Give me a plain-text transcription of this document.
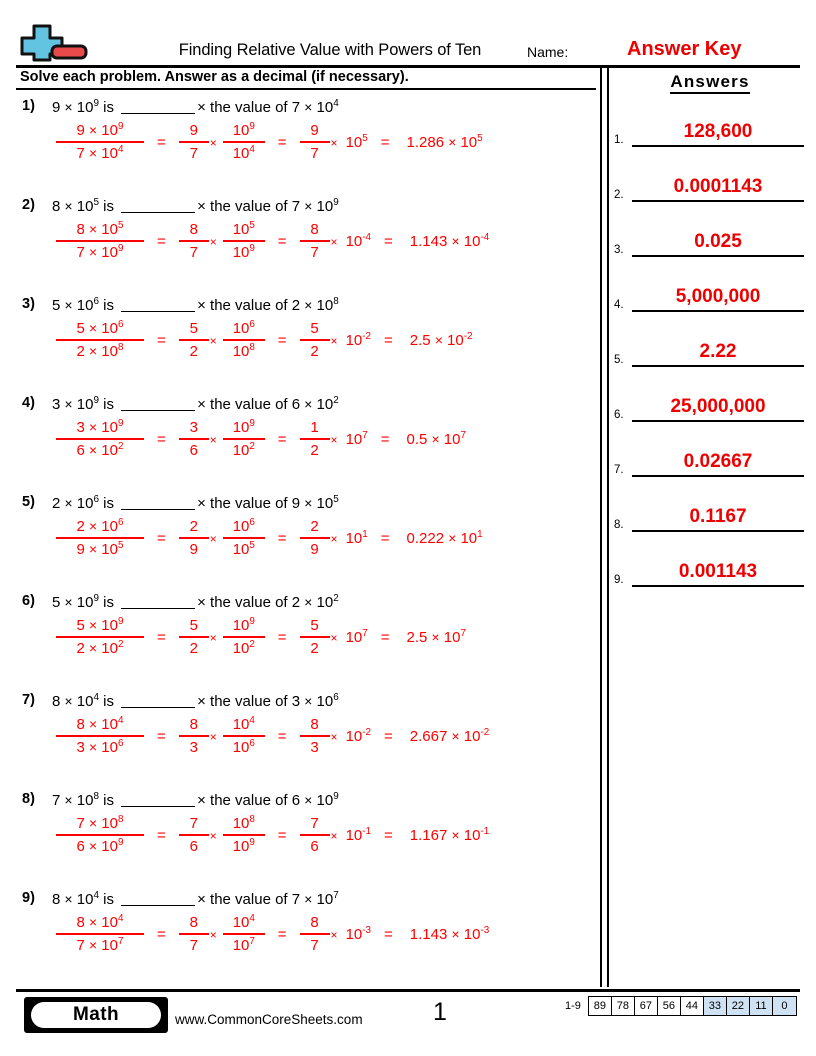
Finding Relative Value with Powers of Ten	Name:	Answer Key
Solve each problem. Answer as a decimal (if necessary).
1) $9 \times 10^9$ is	× the value of $7 \times 10^4$
$\frac{9 \times 10^9}{7 \times 10^4} = \frac{9}{7} \times \frac{10^9}{10^4} = \frac{9}{7} \times 10^5 = 1.286 \times 10^5$
2) $8 \times 10^5$ is	× the value of $7 \times 10^9$
$\frac{8 \times 10^5}{7 \times 10^9} = \frac{8}{7} \times \frac{10^5}{10^9} = \frac{8}{7} \times 10^{-4} = 1.143 \times 10^{-4}$
3) $5 \times 10^6$ is	× the value of $2 \times 10^8$
$\frac{5 \times 10^6}{2 \times 10^8} = \frac{5}{2} \times \frac{10^6}{10^8} = \frac{5}{2} \times 10^{-2} = 2.5 \times 10^{-2}$
4) $3 \times 10^9$ is	× the value of $6 \times 10^2$
$\frac{3 \times 10^9}{6 \times 10^2} = \frac{3}{6} \times \frac{10^9}{10^2} = \frac{1}{2} \times 10^7 = 0.5 \times 10^7$
5) $2 \times 10^6$ is	× the value of $9 \times 10^5$
$\frac{2 \times 10^6}{9 \times 10^5} = \frac{2}{9} \times \frac{10^6}{10^5} = \frac{2}{9} \times 10^1 = 0.222 \times 10^1$
6) $5 \times 10^9$ is	× the value of $2 \times 10^2$
$\frac{5 \times 10^9}{2 \times 10^2} = \frac{5}{2} \times \frac{10^9}{10^2} = \frac{5}{2} \times 10^7 = 2.5 \times 10^7$
7) $8 \times 10^4$ is	× the value of $3 \times 10^6$
$\frac{8 \times 10^4}{3 \times 10^6} = \frac{8}{3} \times \frac{10^4}{10^6} = \frac{8}{3} \times 10^{-2} = 2.667 \times 10^{-2}$
8) $7 \times 10^8$ is	× the value of $6 \times 10^9$
$\frac{7 \times 10^8}{6 \times 10^9} = \frac{7}{6} \times \frac{10^8}{10^9} = \frac{7}{6} \times 10^{-1} = 1.167 \times 10^{-1}$
9) $8 \times 10^4$ is	× the value of $7 \times 10^7$
$\frac{8 \times 10^4}{7 \times 10^7} = \frac{8}{7} \times \frac{10^4}{10^7} = \frac{8}{7} \times 10^{-3} = 1.143 \times 10^{-3}$
Answers
1.	128,600
2.	0.0001143
3.	0.025
4.	5,000,000
5.	2.22
6.	25,000,000
7.	0.02667
8.	0.1167
9.	0.001143
Math	www.CommonCoreSheets.com	1	1-9	89 78 67 56 44 33 22	11	0
